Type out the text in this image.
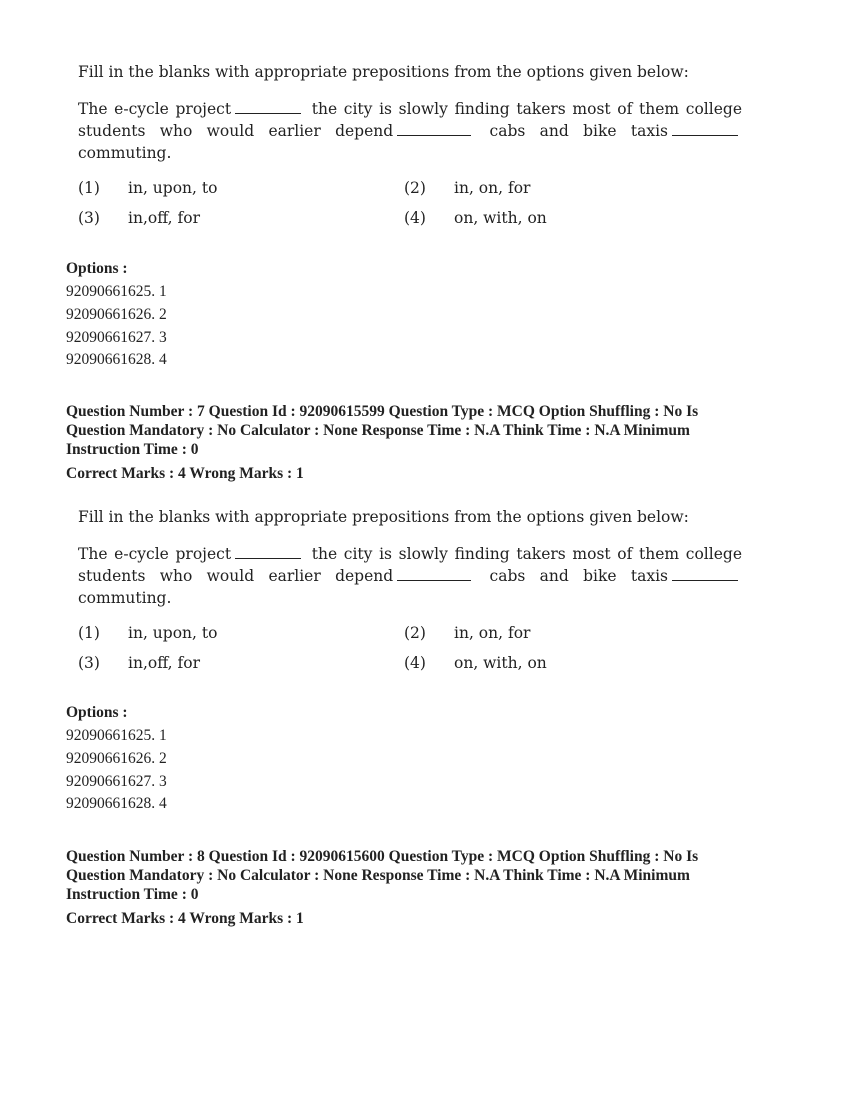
Fill in the blanks with appropriate prepositions from the options given below:

The e-cycle project	the city is slowly finding takers most of them college students who would earlier depend	cabs and bike taxis commuting.

(1)	in, upon, to	(2)	in, on, for
(3)	in,off, for	(4)	on, with, on
Options :
92090661625. 1
92090661626. 2
92090661627. 3
92090661628. 4
Question Number : 7 Question Id : 92090615599 Question Type : MCQ Option Shuffling : No Is
Question Mandatory : No Calculator : None Response Time : N.A Think Time : N.A Minimum
Instruction Time : 0
Correct Marks : 4 Wrong Marks : 1

Fill in the blanks with appropriate prepositions from the options given below:

The e-cycle project	the city is slowly finding takers most of them college students who would earlier depend	cabs and bike taxis commuting.

(1)	in, upon, to	(2)	in, on, for
(3)	in,off, for	(4)	on, with, on
Options :
92090661625. 1
92090661626. 2
92090661627. 3
92090661628. 4
Question Number : 8 Question Id : 92090615600 Question Type : MCQ Option Shuffling : No Is
Question Mandatory : No Calculator : None Response Time : N.A Think Time : N.A Minimum
Instruction Time : 0
Correct Marks : 4 Wrong Marks : 1
